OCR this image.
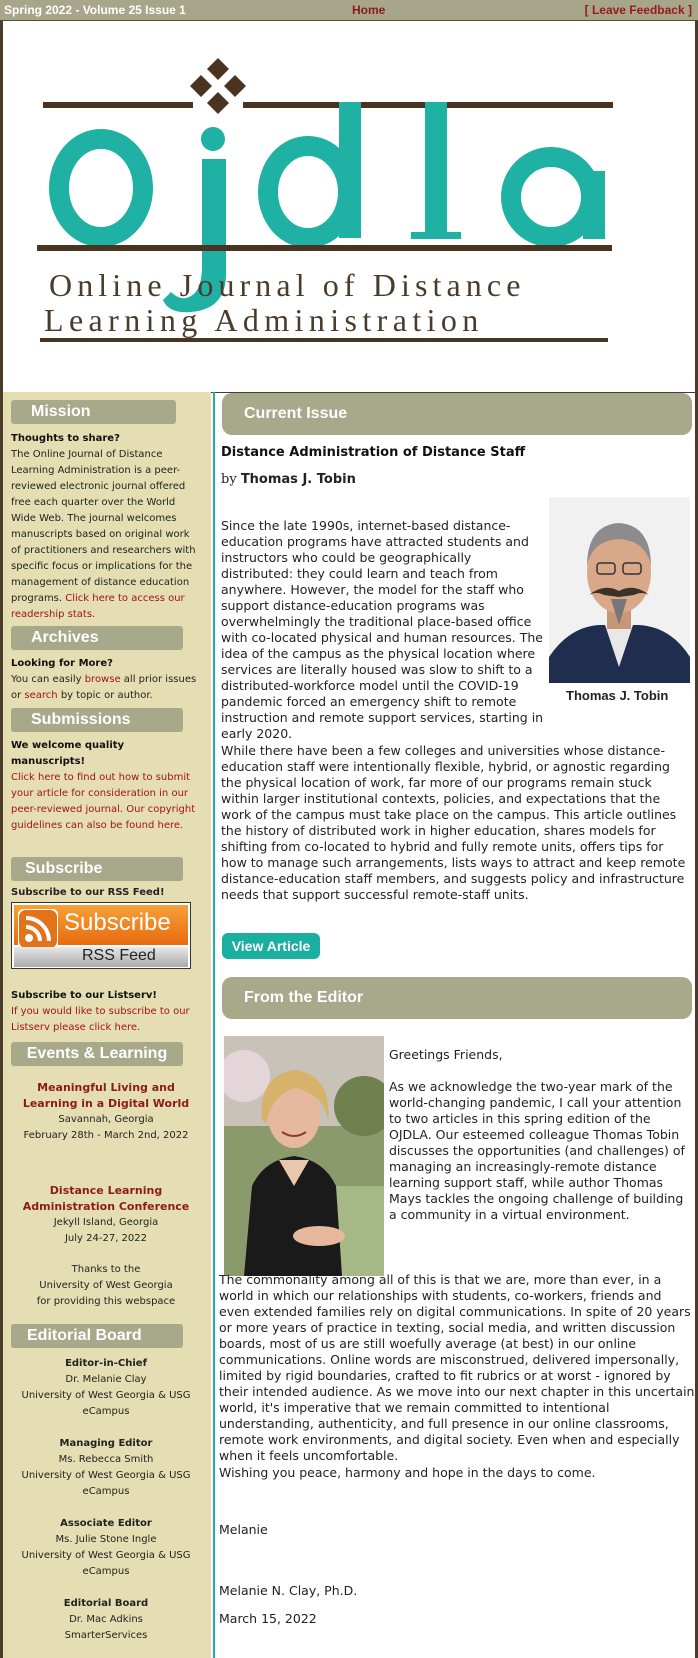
Spring 2022 - Volume 25 Issue 1	Home	[ Leave Feedback ]
Online Journal of Distance
Learning Administration
Mission
Thoughts to share?
The Online Journal of Distance Learning Administration is a peer-reviewed electronic journal offered free each quarter over the World Wide Web. The journal welcomes manuscripts based on original work of practitioners and researchers with specific focus or implications for the management of distance education programs. Click here to access our readership stats.
Archives
Looking for More?
You can easily browse all prior issues or search by topic or author.
Submissions
We welcome quality manuscripts!
Click here to find out how to submit your article for consideration in our peer-reviewed journal. Our copyright guidelines can also be found here.
Subscribe
Subscribe to our RSS Feed!
Subscribe
RSS Feed
Subscribe to our Listserv!
If you would like to subscribe to our Listserv please click here.
Events & Learning
Meaningful Living and Learning in a Digital World
Savannah, Georgia
February 28th - March 2nd, 2022
Distance Learning Administration Conference
Jekyll Island, Georgia
July 24-27, 2022
Thanks to the
University of West Georgia
for providing this webspace
Editorial Board
Editor-in-Chief
Dr. Melanie Clay
University of West Georgia & USG eCampus
Managing Editor
Ms. Rebecca Smith
University of West Georgia & USG eCampus
Associate Editor
Ms. Julie Stone Ingle
University of West Georgia & USG eCampus
Editorial Board
Dr. Mac Adkins
SmarterServices
Current Issue
Distance Administration of Distance Staff
by Thomas J. Tobin
Thomas J. Tobin
Since the late 1990s, internet-based distance-education programs have attracted students and instructors who could be geographically distributed: they could learn and teach from anywhere. However, the model for the staff who support distance-education programs was overwhelmingly the traditional place-based office with co-located physical and human resources. The idea of the campus as the physical location where services are literally housed was slow to shift to a distributed-workforce model until the COVID-19 pandemic forced an emergency shift to remote instruction and remote support services, starting in early 2020.
While there have been a few colleges and universities whose distance-education staff were intentionally flexible, hybrid, or agnostic regarding the physical location of work, far more of our programs remain stuck within larger institutional contexts, policies, and expectations that the work of the campus must take place on the campus. This article outlines the history of distributed work in higher education, shares models for shifting from co-located to hybrid and fully remote units, offers tips for how to manage such arrangements, lists ways to attract and keep remote distance-education staff members, and suggests policy and infrastructure needs that support successful remote-staff units.
View Article
From the Editor
Greetings Friends,
As we acknowledge the two-year mark of the world-changing pandemic, I call your attention to two articles in this spring edition of the OJDLA. Our esteemed colleague Thomas Tobin discusses the opportunities (and challenges) of managing an increasingly-remote distance learning support staff, while author Thomas Mays tackles the ongoing challenge of building a community in a virtual environment.
The commonality among all of this is that we are, more than ever, in a world in which our relationships with students, co-workers, friends and even extended families rely on digital communications. In spite of 20 years or more years of practice in texting, social media, and written discussion boards, most of us are still woefully average (at best) in our online communications. Online words are misconstrued, delivered impersonally, limited by rigid boundaries, crafted to fit rubrics or at worst - ignored by their intended audience. As we move into our next chapter in this uncertain world, it's imperative that we remain committed to intentional understanding, authenticity, and full presence in our online classrooms, remote work environments, and digital society. Even when and especially when it feels uncomfortable.
Wishing you peace, harmony and hope in the days to come.
Melanie
Melanie N. Clay, Ph.D.
March 15, 2022
